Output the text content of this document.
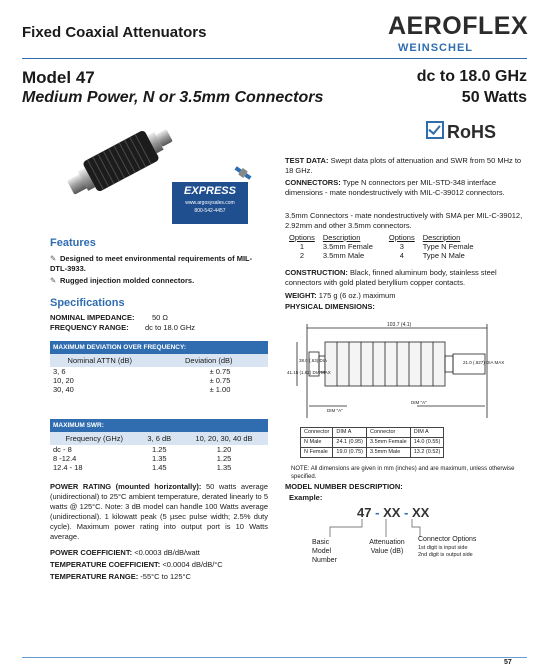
Fixed Coaxial Attenuators	AEROFLEX
WEINSCHEL
Model 47
Medium Power, N or 3.5mm Connectors
dc to 18.0 GHz
50 Watts
RoHS
EXPRESS
www.argosysales.com
800-542-4457
Features
✎ Designed to meet environmental requirements of MIL-DTL-3933.
✎ Rugged injection molded connectors.
Specifications
NOMINAL IMPEDANCE: 50 Ω
FREQUENCY RANGE: dc to 18.0 GHz
MAXIMUM DEVIATION OVER FREQUENCY:	
Nominal ATTN (dB)	Deviation (dB)
3, 6	± 0.75
10, 20	± 0.75
30, 40	± 1.00
MAXIMUM SWR:		
Frequency (GHz)	3, 6 dB	10, 20, 30, 40 dB
dc - 8	1.25	1.20
8 -12.4	1.35	1.25
12.4 - 18	1.45	1.35
POWER RATING (mounted horizontally): 50 watts average (unidirectional) to 25°C ambient temperature, derated linearly to 5 watts @ 125°C. Note: 3 dB model can handle 100 Watts average (unidirectional). 1 kilowatt peak (5 µsec pulse width; 2.5% duty cycle). Maximum power rating into output port is 10 Watts average.
POWER COEFFICIENT: <0.0003 dB/dB/watt
TEMPERATURE COEFFICIENT: <0.0004 dB/dB/°C
TEMPERATURE RANGE: -55°C to 125°C
TEST DATA: Swept data plots of attenuation and SWR from 50 MHz to 18 GHz.
CONNECTORS: Type N connectors per MIL-STD-348 interface dimensions - mate nondestructively with MIL-C-39012 connectors.
3.5mm Connectors - mate nondestructively with SMA per MIL-C-39012, 2.92mm and other 3.5mm connectors.
Options	Description	Options	Description
1	3.5mm Female	3	Type N Female
2	3.5mm Male	4	Type N Male
CONSTRUCTION: Black, finned aluminum body, stainless steel connectors with gold plated beryllium copper contacts.
WEIGHT: 175 g (6 oz.) maximum
PHYSICAL DIMENSIONS:
103.7 (4.1)
38.0 (.63) DIA
41.15 (1.62) DIA MAX
21.0 (.827) DIA MAX
DIM "A"
DIM "A"
Connector	DIM A	Connector	DIM A
N Male	24.1 (0.95)	3.5mm Female	14.0 (0.55)
N Female	19.0 (0.75)	3.5mm Male	13.2 (0.52)
NOTE: All dimensions are given in mm (inches) and are maximum, unless otherwise specified.
MODEL NUMBER DESCRIPTION:
Example:
47 - XX - XX
Basic Model Number
Attenuation Value (dB)
Connector Options
1st digit is input side
2nd digit is output side
57
